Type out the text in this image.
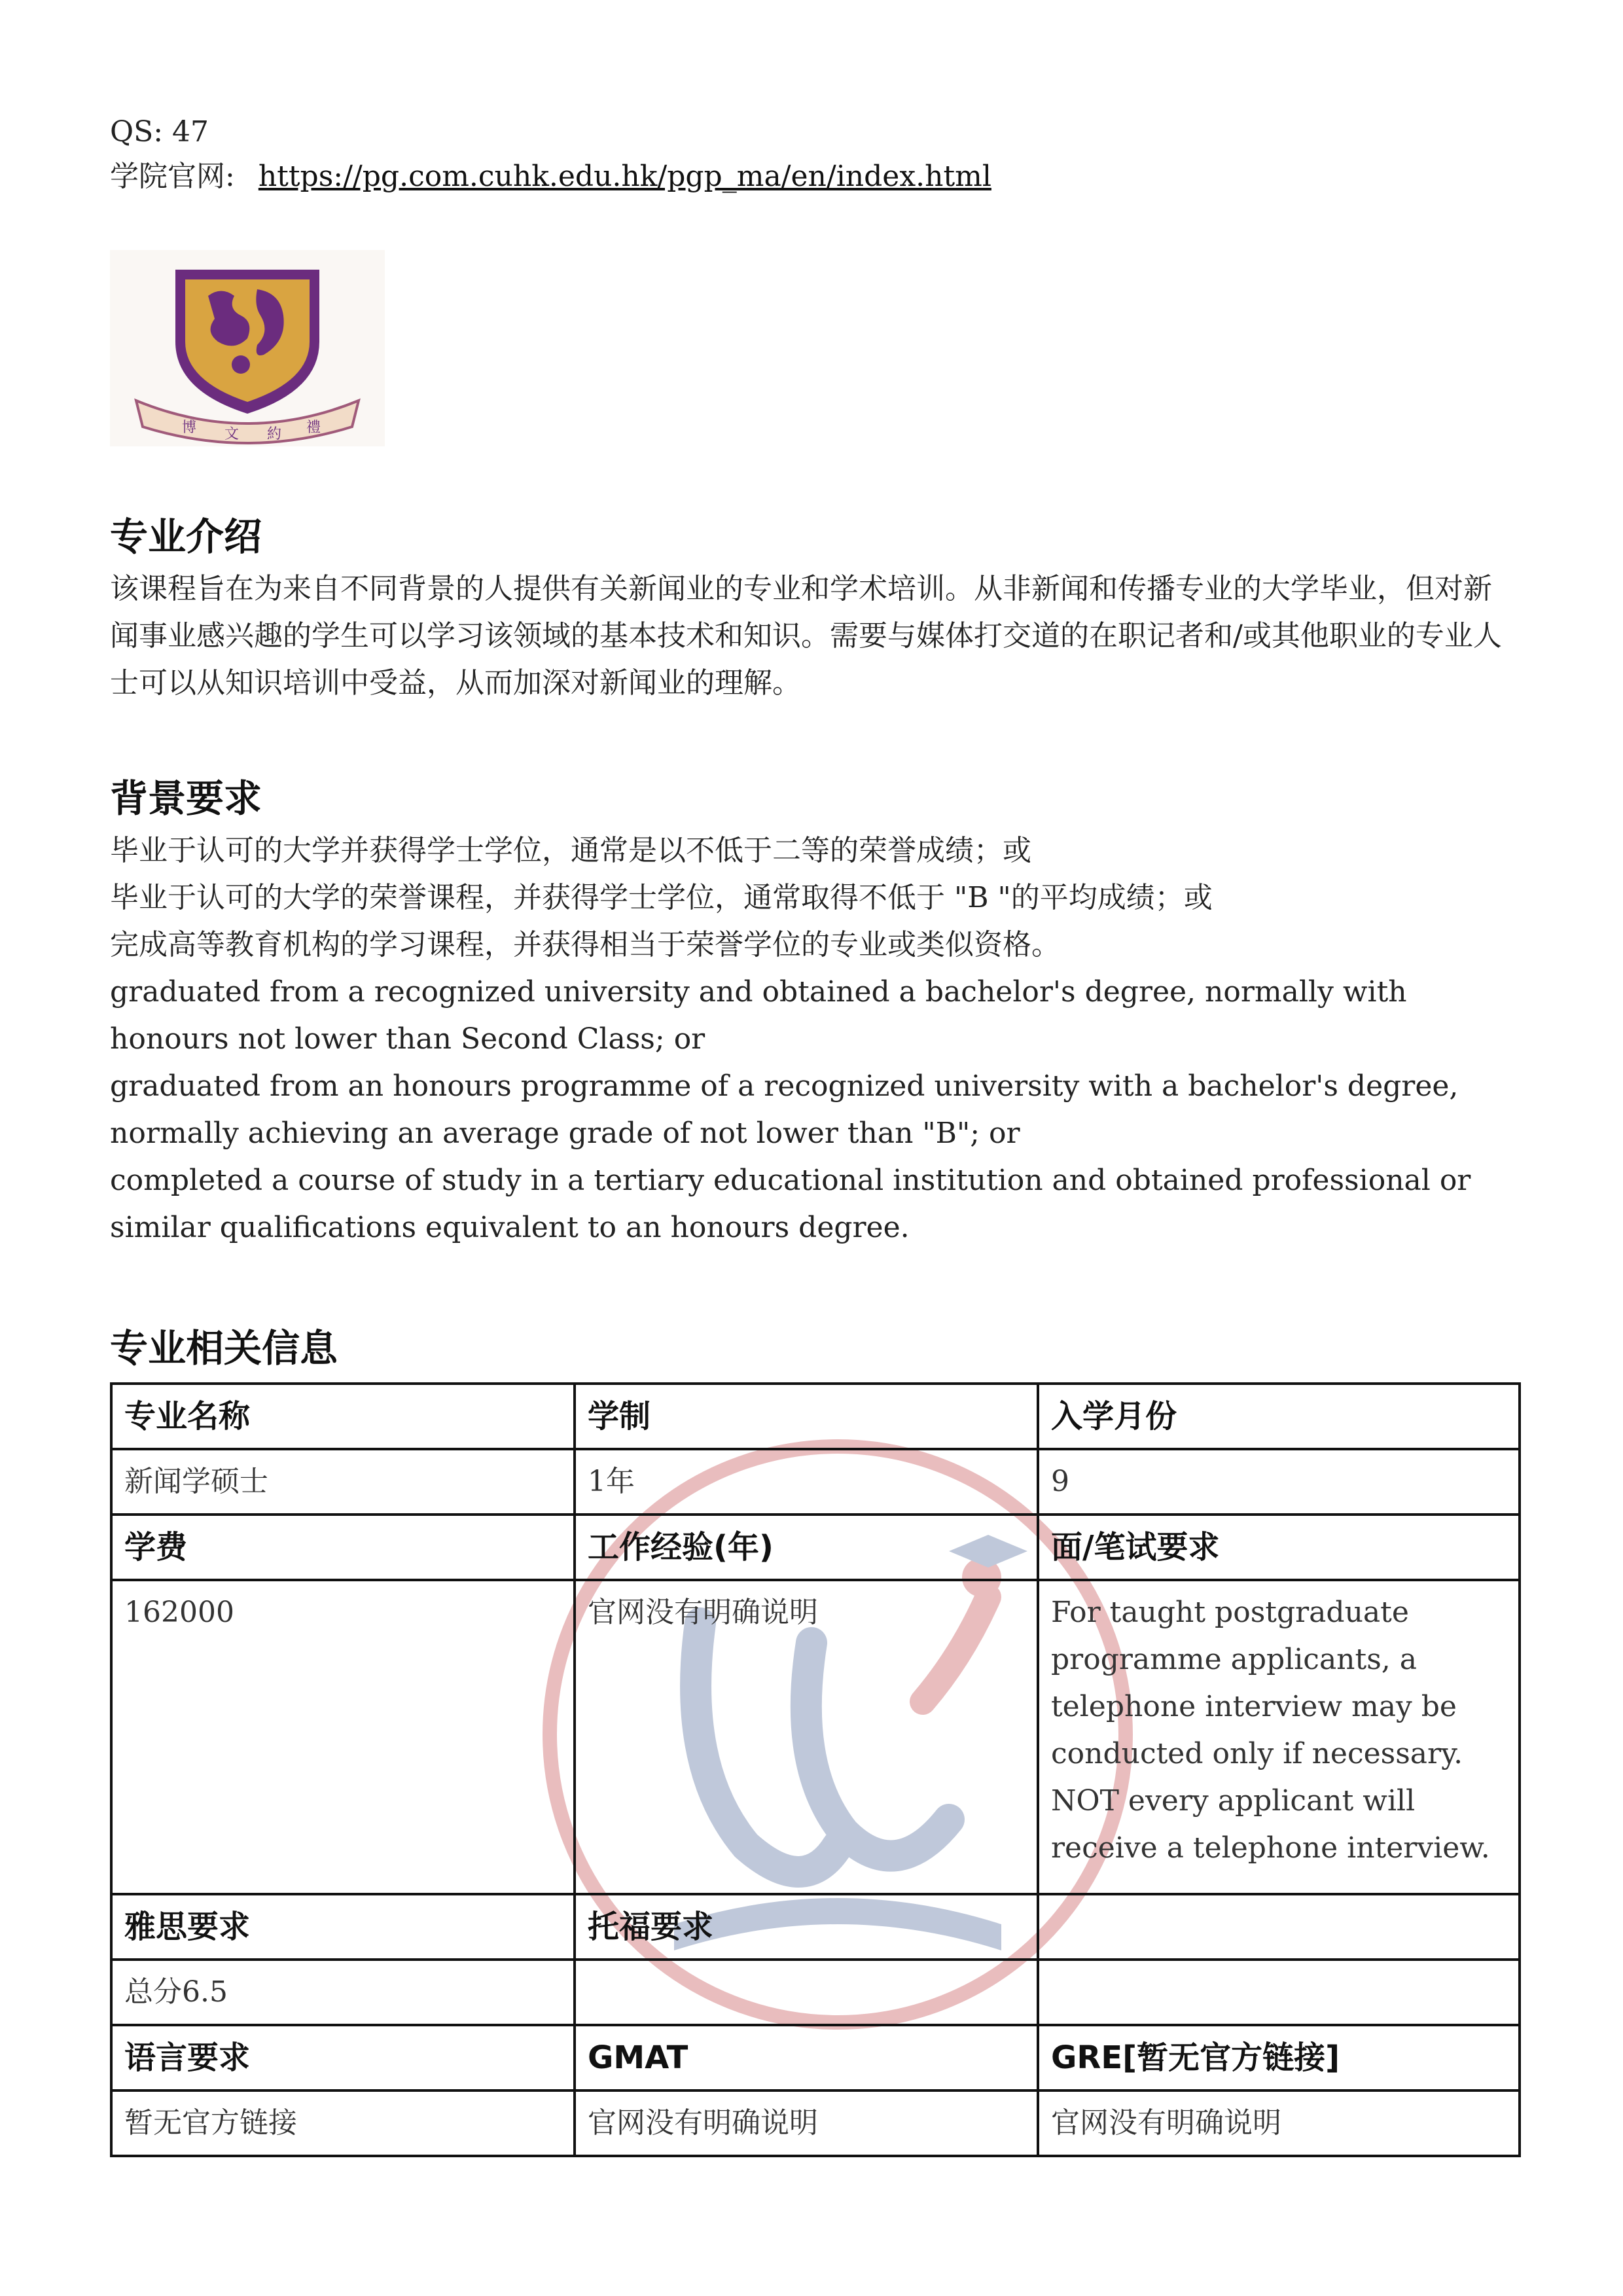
QS: 47
学院官网: https://pg.com.cuhk.edu.hk/pgp_ma/en/index.html
博 文 約 禮
专业介绍

该课程旨在为来自不同背景的人提供有关新闻业的专业和学术培训。从非新闻和传播专业的大学毕业，但对新闻事业感兴趣的学生可以学习该领域的基本技术和知识。需要与媒体打交道的在职记者和/或其他职业的专业人士可以从知识培训中受益，从而加深对新闻业的理解。

背景要求

毕业于认可的大学并获得学士学位，通常是以不低于二等的荣誉成绩；或

毕业于认可的大学的荣誉课程，并获得学士学位，通常取得不低于 "B "的平均成绩；或

完成高等教育机构的学习课程，并获得相当于荣誉学位的专业或类似资格。

graduated from a recognized university and obtained a bachelor's degree, normally with honours not lower than Second Class; or

graduated from an honours programme of a recognized university with a bachelor's degree, normally achieving an average grade of not lower than "B"; or

completed a course of study in a tertiary educational institution and obtained professional or similar qualifications equivalent to an honours degree.

专业相关信息
专业名称	学制	入学月份
新闻学硕士	1年	9
学费	工作经验(年)	面/笔试要求
162000	官网没有明确说明	For taught postgraduate programme applicants, a telephone interview may be conducted only if necessary. NOT every applicant will receive a telephone interview.
雅思要求	托福要求	
总分6.5		
语言要求	GMAT	GRE[暂无官方链接]
暂无官方链接	官网没有明确说明	官网没有明确说明
